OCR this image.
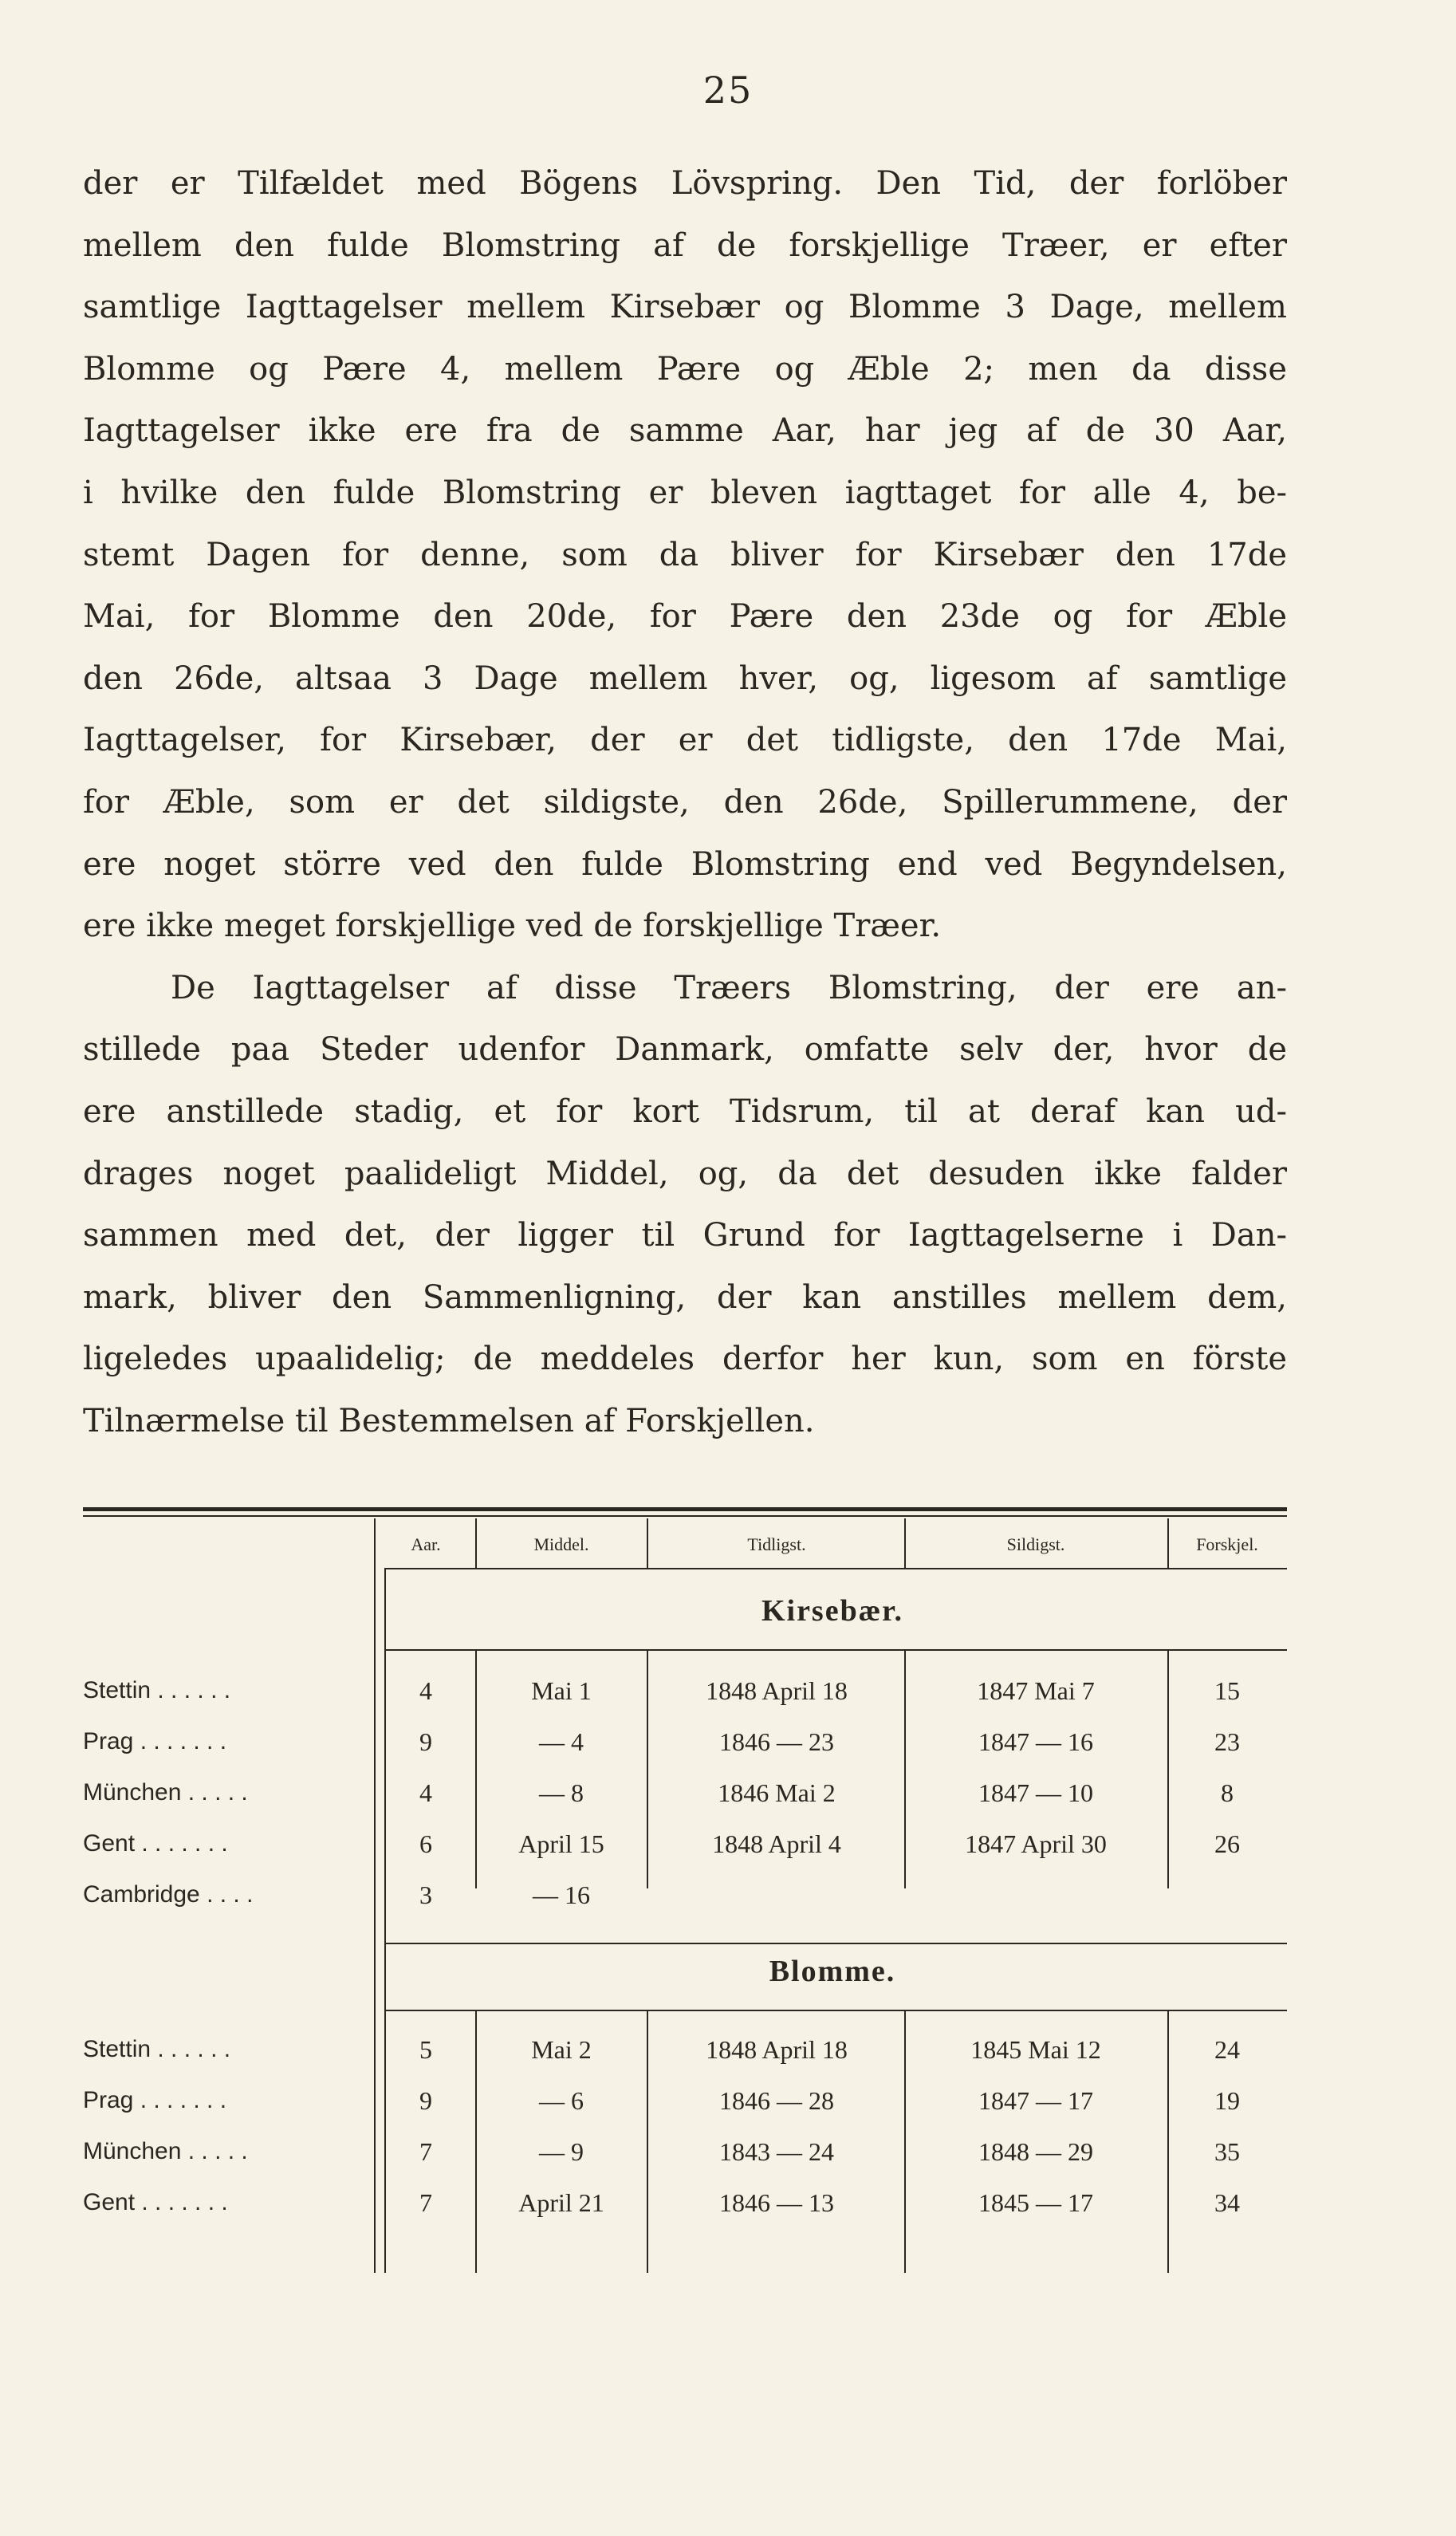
25
der er Tilfældet med Bögens Lövspring. Den Tid, der forlöber
mellem den fulde Blomstring af de forskjellige Træer, er efter
samtlige Iagttagelser mellem Kirsebær og Blomme 3 Dage, mellem
Blomme og Pære 4, mellem Pære og Æble 2; men da disse
Iagttagelser ikke ere fra de samme Aar, har jeg af de 30 Aar,
i hvilke den fulde Blomstring er bleven iagttaget for alle 4, be-
stemt Dagen for denne, som da bliver for Kirsebær den 17de
Mai, for Blomme den 20de, for Pære den 23de og for Æble
den 26de, altsaa 3 Dage mellem hver, og, ligesom af samtlige
Iagttagelser, for Kirsebær, der er det tidligste, den 17de Mai,
for Æble, som er det sildigste, den 26de, Spillerummene, der
ere noget större ved den fulde Blomstring end ved Begyndelsen,
ere ikke meget forskjellige ved de forskjellige Træer.
De Iagttagelser af disse Træers Blomstring, der ere an-
stillede paa Steder udenfor Danmark, omfatte selv der, hvor de
ere anstillede stadig, et for kort Tidsrum, til at deraf kan ud-
drages noget paalideligt Middel, og, da det desuden ikke falder
sammen med det, der ligger til Grund for Iagttagelserne i Dan-
mark, bliver den Sammenligning, der kan anstilles mellem dem,
ligeledes upaalidelig; de meddeles derfor her kun, som en förste
Tilnærmelse til Bestemmelsen af Forskjellen.
Aar.	Middel.	Tidligst.	Sildigst.	Forskjel.
Kirsebær.
Stettin . . . . . .	4	Mai 1	1848 April 18	1847 Mai 7	15
Prag . . . . . . .	9	— 4	1846 — 23	1847 — 16	23
München . . . . .	4	— 8	1846 Mai 2	1847 — 10	8
Gent . . . . . . .	6	April 15	1848 April 4	1847 April 30	26
Cambridge . . . .	3	— 16
Blomme.
Stettin . . . . . .	5	Mai 2	1848 April 18	1845 Mai 12	24
Prag . . . . . . .	9	— 6	1846 — 28	1847 — 17	19
München . . . . .	7	— 9	1843 — 24	1848 — 29	35
Gent . . . . . . .	7	April 21	1846 — 13	1845 — 17	34
